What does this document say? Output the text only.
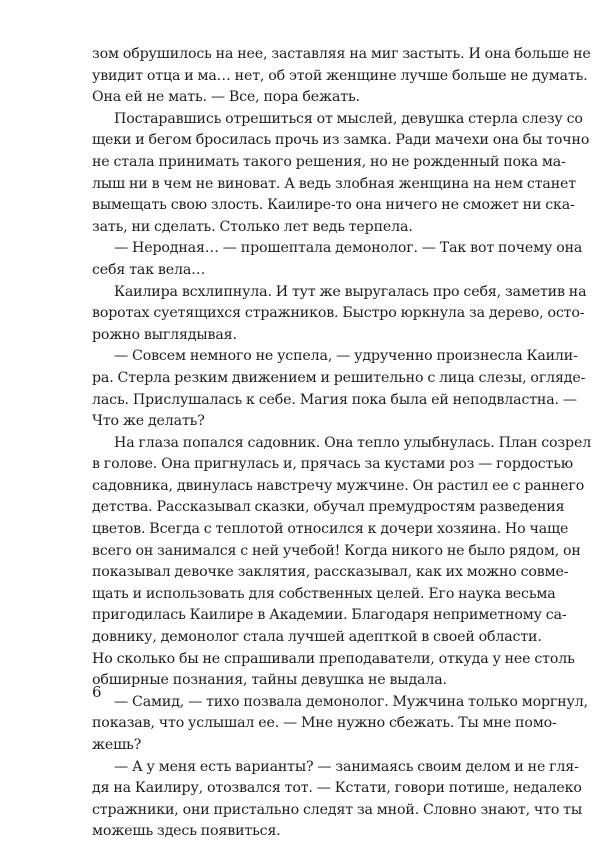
зом обрушилось на нее, заставляя на миг застыть. И она больше не
увидит отца и ма… нет, об этой женщине лучше больше не думать.
Она ей не мать. — Все, пора бежать.
Постаравшись отрешиться от мыслей, девушка стерла слезу со
щеки и бегом бросилась прочь из замка. Ради мачехи она бы точно
не стала принимать такого решения, но не рожденный пока ма-
лыш ни в чем не виноват. А ведь злобная женщина на нем станет
вымещать свою злость. Каилире-то она ничего не сможет ни ска-
зать, ни сделать. Столько лет ведь терпела.
— Неродная… — прошептала демонолог. — Так вот почему она
себя так вела…
Каилира всхлипнула. И тут же выругалась про себя, заметив на
воротах суетящихся стражников. Быстро юркнула за дерево, осто-
рожно выглядывая.
— Совсем немного не успела, — удрученно произнесла Каили-
ра. Стерла резким движением и решительно с лица слезы, огляде-
лась. Прислушалась к себе. Магия пока была ей неподвластна. —
Что же делать?
На глаза попался садовник. Она тепло улыбнулась. План созрел
в голове. Она пригнулась и, прячась за кустами роз — гордостью
садовника, двинулась навстречу мужчине. Он растил ее с раннего
детства. Рассказывал сказки, обучал премудростям разведения
цветов. Всегда с теплотой относился к дочери хозяина. Но чаще
всего он занимался с ней учебой! Когда никого не было рядом, он
показывал девочке заклятия, рассказывал, как их можно совме-
щать и использовать для собственных целей. Его наука весьма
пригодилась Каилире в Академии. Благодаря неприметному са-
довнику, демонолог стала лучшей адепткой в своей области.
Но сколько бы не спрашивали преподаватели, откуда у нее столь
обширные познания, тайны девушка не выдала.
— Самид, — тихо позвала демонолог. Мужчина только моргнул,
показав, что услышал ее. — Мне нужно сбежать. Ты мне помо-
жешь?
— А у меня есть варианты? — занимаясь своим делом и не гля-
дя на Каилиру, отозвался тот. — Кстати, говори потише, недалеко
стражники, они пристально следят за мной. Словно знают, что ты
можешь здесь появиться.
6
